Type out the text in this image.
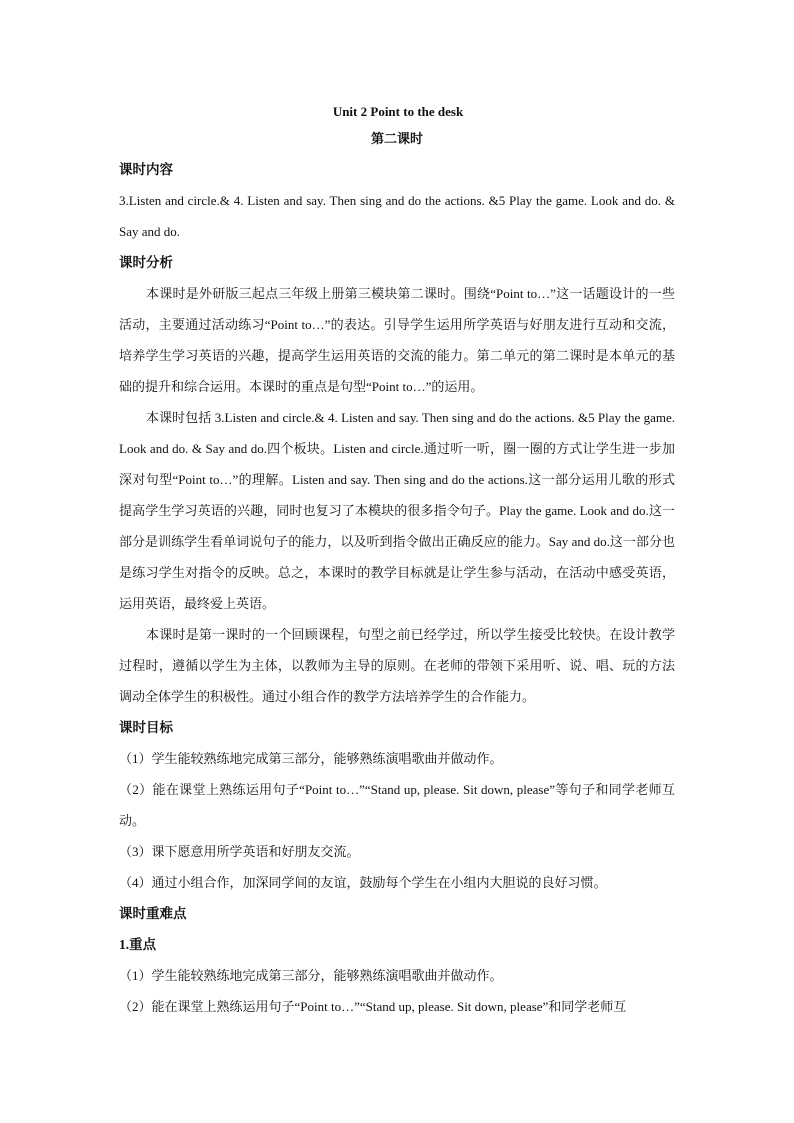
Unit 2 Point to the desk

第二课时

课时内容

3.Listen and circle.& 4. Listen and say. Then sing and do the actions. &5 Play the game. Look and do. & Say and do.

课时分析

本课时是外研版三起点三年级上册第三模块第二课时。围绕“Point to…”这一话题设计的一些活动，主要通过活动练习“Point to…”的表达。引导学生运用所学英语与好朋友进行互动和交流，培养学生学习英语的兴趣，提高学生运用英语的交流的能力。第二单元的第二课时是本单元的基础的提升和综合运用。本课时的重点是句型“Point to…”的运用。

本课时包括 3.Listen and circle.& 4. Listen and say. Then sing and do the actions. &5 Play the game. Look and do. & Say and do.四个板块。Listen and circle.通过听一听，圈一圈的方式让学生进一步加深对句型“Point to…”的理解。Listen and say. Then sing and do the actions.这一部分运用儿歌的形式提高学生学习英语的兴趣，同时也复习了本模块的很多指令句子。Play the game. Look and do.这一部分是训练学生看单词说句子的能力，以及听到指令做出正确反应的能力。Say and do.这一部分也是练习学生对指令的反映。总之，本课时的教学目标就是让学生参与活动，在活动中感受英语，运用英语，最终爱上英语。

本课时是第一课时的一个回顾课程，句型之前已经学过，所以学生接受比较快。在设计教学过程时，遵循以学生为主体，以教师为主导的原则。在老师的带领下采用听、说、唱、玩的方法调动全体学生的积极性。通过小组合作的教学方法培养学生的合作能力。

课时目标

（1）学生能较熟练地完成第三部分，能够熟练演唱歌曲并做动作。

（2）能在课堂上熟练运用句子“Point to…”“Stand up, please. Sit down, please”等句子和同学老师互动。

（3）课下愿意用所学英语和好朋友交流。

（4）通过小组合作，加深同学间的友谊，鼓励每个学生在小组内大胆说的良好习惯。

课时重难点

1.重点

（1）学生能较熟练地完成第三部分，能够熟练演唱歌曲并做动作。

（2）能在课堂上熟练运用句子“Point to…”“Stand up, please. Sit down, please”和同学老师互
